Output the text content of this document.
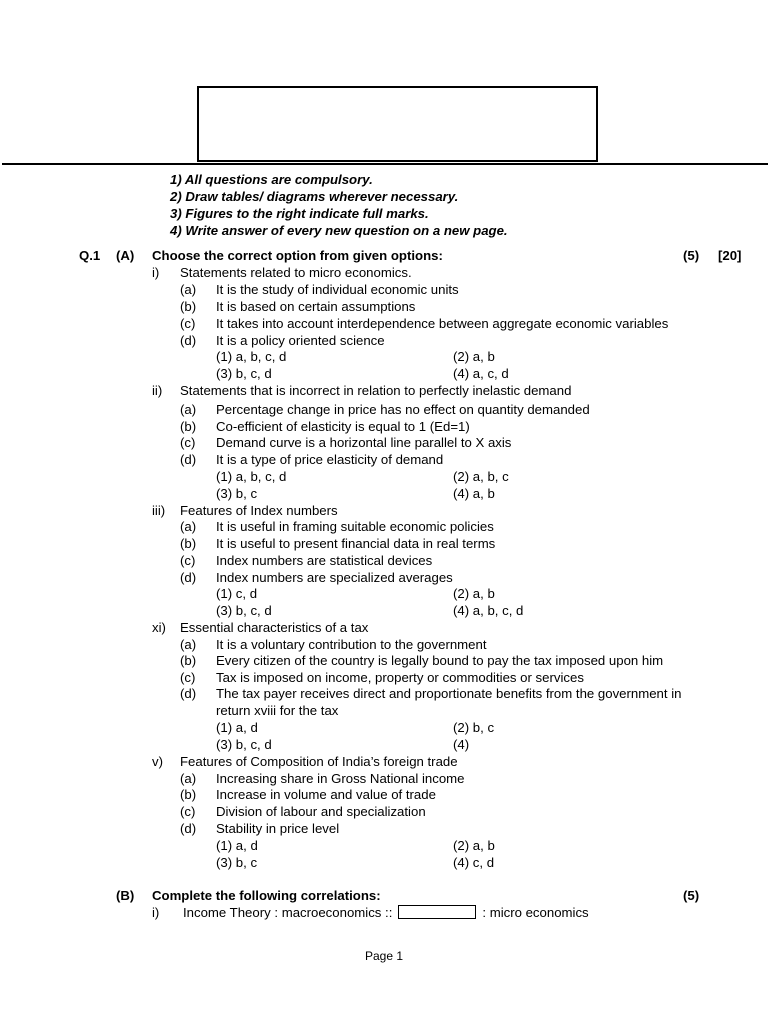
1) All questions are compulsory.
2) Draw tables/ diagrams wherever necessary.
3) Figures to the right indicate full marks.
4) Write answer of every new question on a new page.
Q.1 (A) Choose the correct option from given options:	(5) [20]
i) Statements related to micro economics.
(a) It is the study of individual economic units
(b) It is based on certain assumptions
(c) It takes into account interdependence between aggregate economic variables
(d) It is a policy oriented science
(1) a, b, c, d	(2) a, b
(3) b, c, d	(4) a, c, d
ii) Statements that is incorrect in relation to perfectly inelastic demand
(a) Percentage change in price has no effect on quantity demanded
(b) Co-efficient of elasticity is equal to 1 (Ed=1)
(c) Demand curve is a horizontal line parallel to X axis
(d) It is a type of price elasticity of demand
(1) a, b, c, d	(2) a, b, c
(3) b, c	(4) a, b
iii) Features of Index numbers
(a) It is useful in framing suitable economic policies
(b) It is useful to present financial data in real terms
(c) Index numbers are statistical devices
(d) Index numbers are specialized averages
(1) c, d	(2) a, b
(3) b, c, d	(4) a, b, c, d
xi) Essential characteristics of a tax
(a) It is a voluntary contribution to the government
(b) Every citizen of the country is legally bound to pay the tax imposed upon him
(c) Tax is imposed on income, property or commodities or services
(d) The tax payer receives direct and proportionate benefits from the government in
return xviii for the tax
(1) a, d	(2) b, c
(3) b, c, d	(4)
v) Features of Composition of India’s foreign trade
(a) Increasing share in Gross National income
(b) Increase in volume and value of trade
(c) Division of labour and specialization
(d) Stability in price level
(1) a, d	(2) a, b
(3) b, c	(4) c, d
(B) Complete the following correlations:	(5)
i) Income Theory : macroeconomics ::	: micro economics
Page 1
